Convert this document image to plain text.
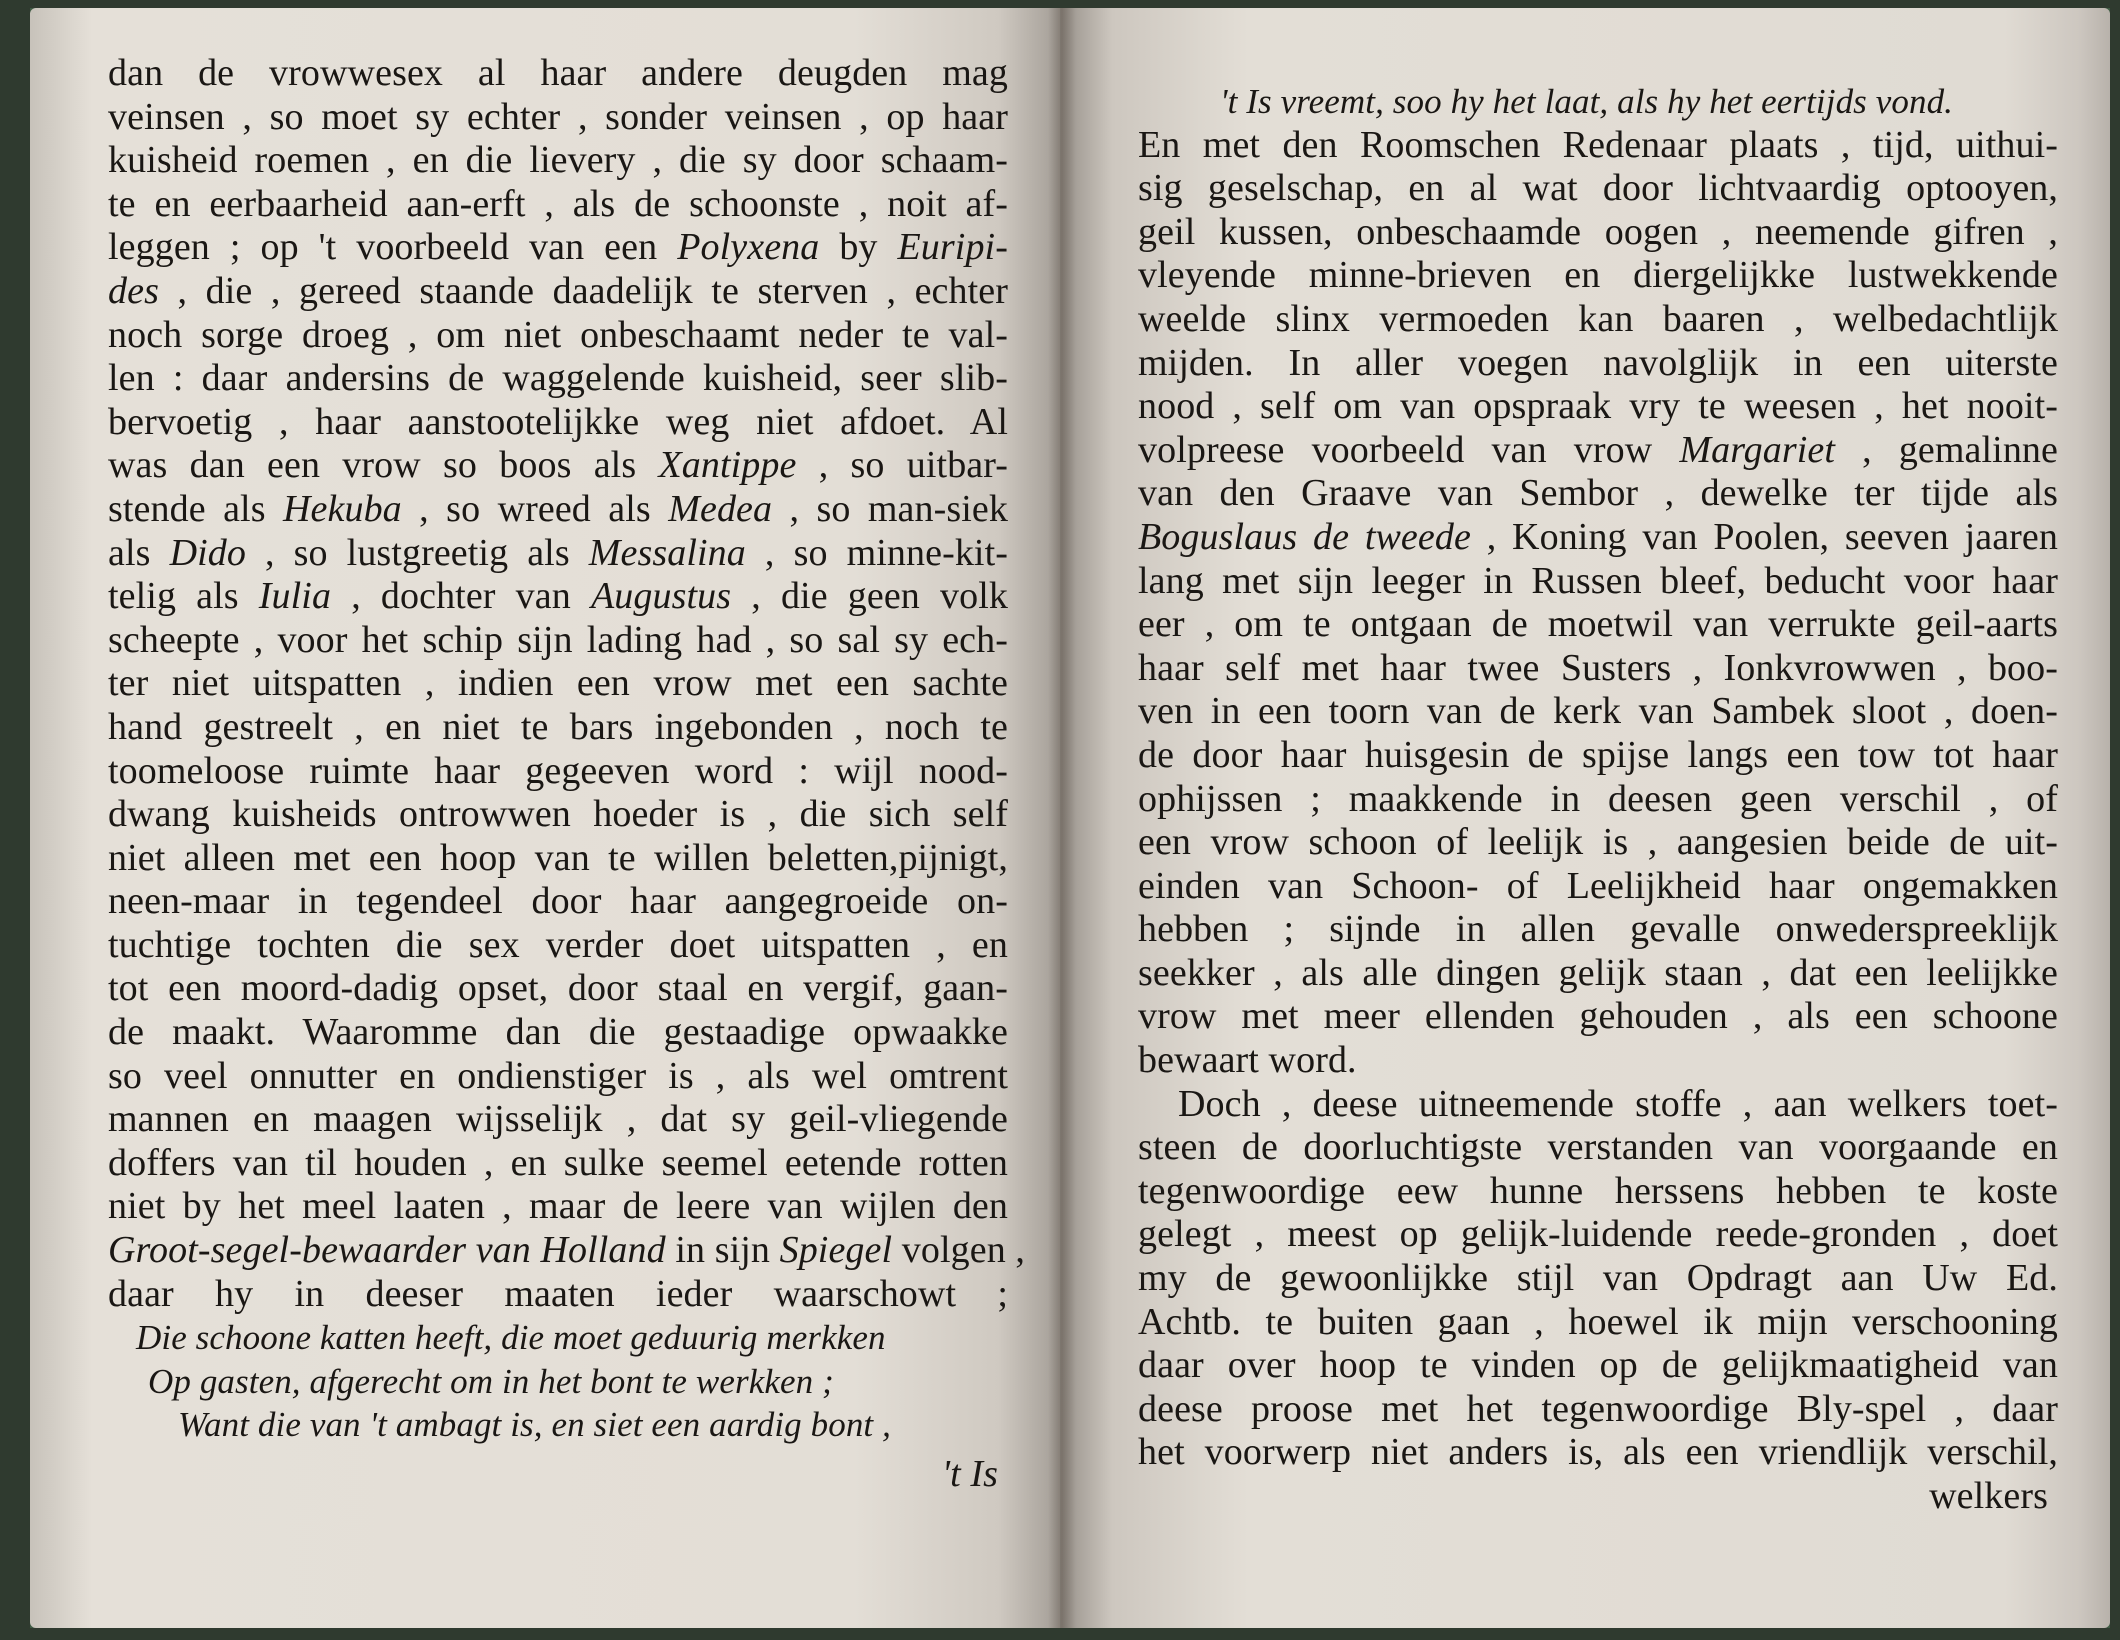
dan de vrowwesex al haar andere deugden mag
veinsen , so moet sy echter , sonder veinsen , op haar
kuisheid roemen , en die lievery , die sy door schaam-
te en eerbaarheid aan-erft , als de schoonste , noit af-
leggen ; op 't voorbeeld van een Polyxena by Euripi-
des , die , gereed staande daadelijk te sterven , echter
noch sorge droeg , om niet onbeschaamt neder te val-
len : daar andersins de waggelende kuisheid, seer slib-
bervoetig , haar aanstootelijkke weg niet afdoet. Al
was dan een vrow so boos als Xantippe , so uitbar-
stende als Hekuba , so wreed als Medea , so man-siek
als Dido , so lustgreetig als Messalina , so minne-kit-
telig als Iulia , dochter van Augustus , die geen volk
scheepte , voor het schip sijn lading had , so sal sy ech-
ter niet uitspatten , indien een vrow met een sachte
hand gestreelt , en niet te bars ingebonden , noch te
toomeloose ruimte haar gegeeven word : wijl nood-
dwang kuisheids ontrowwen hoeder is , die sich self
niet alleen met een hoop van te willen beletten,pijnigt,
neen-maar in tegendeel door haar aangegroeide on-
tuchtige tochten die sex verder doet uitspatten , en
tot een moord-dadig opset, door staal en vergif, gaan-
de maakt. Waaromme dan die gestaadige opwaakke
so veel onnutter en ondienstiger is , als wel omtrent
mannen en maagen wijsselijk , dat sy geil-vliegende
doffers van til houden , en sulke seemel eetende rotten
niet by het meel laaten , maar de leere van wijlen den
Groot-segel-bewaarder van Holland in sijn Spiegel volgen ,
daar hy in deeser maaten ieder waarschowt ;
Die schoone katten heeft, die moet geduurig merkken
Op gasten, afgerecht om in het bont te werkken ;
Want die van 't ambagt is, en siet een aardig bont ,
't Is
't Is vreemt, soo hy het laat, als hy het eertijds vond.
En met den Roomschen Redenaar plaats , tijd, uithui-
sig geselschap, en al wat door lichtvaardig optooyen,
geil kussen, onbeschaamde oogen , neemende gifren ,
vleyende minne-brieven en diergelijkke lustwekkende
weelde slinx vermoeden kan baaren , welbedachtlijk
mijden. In aller voegen navolglijk in een uiterste
nood , self om van opspraak vry te weesen , het nooit-
volpreese voorbeeld van vrow Margariet , gemalinne
van den Graave van Sembor , dewelke ter tijde als
Boguslaus de tweede , Koning van Poolen, seeven jaaren
lang met sijn leeger in Russen bleef, beducht voor haar
eer , om te ontgaan de moetwil van verrukte geil-aarts
haar self met haar twee Susters , Ionkvrowwen , boo-
ven in een toorn van de kerk van Sambek sloot , doen-
de door haar huisgesin de spijse langs een tow tot haar
ophijssen ; maakkende in deesen geen verschil , of
een vrow schoon of leelijk is , aangesien beide de uit-
einden van Schoon- of Leelijkheid haar ongemakken
hebben ; sijnde in allen gevalle onwederspreeklijk
seekker , als alle dingen gelijk staan , dat een leelijkke
vrow met meer ellenden gehouden , als een schoone
bewaart word.
Doch , deese uitneemende stoffe , aan welkers toet-
steen de doorluchtigste verstanden van voorgaande en
tegenwoordige eew hunne herssens hebben te koste
gelegt , meest op gelijk-luidende reede-gronden , doet
my de gewoonlijkke stijl van Opdragt aan Uw Ed.
Achtb. te buiten gaan , hoewel ik mijn verschooning
daar over hoop te vinden op de gelijkmaatigheid van
deese proose met het tegenwoordige Bly-spel , daar
het voorwerp niet anders is, als een vriendlijk verschil,
welkers
